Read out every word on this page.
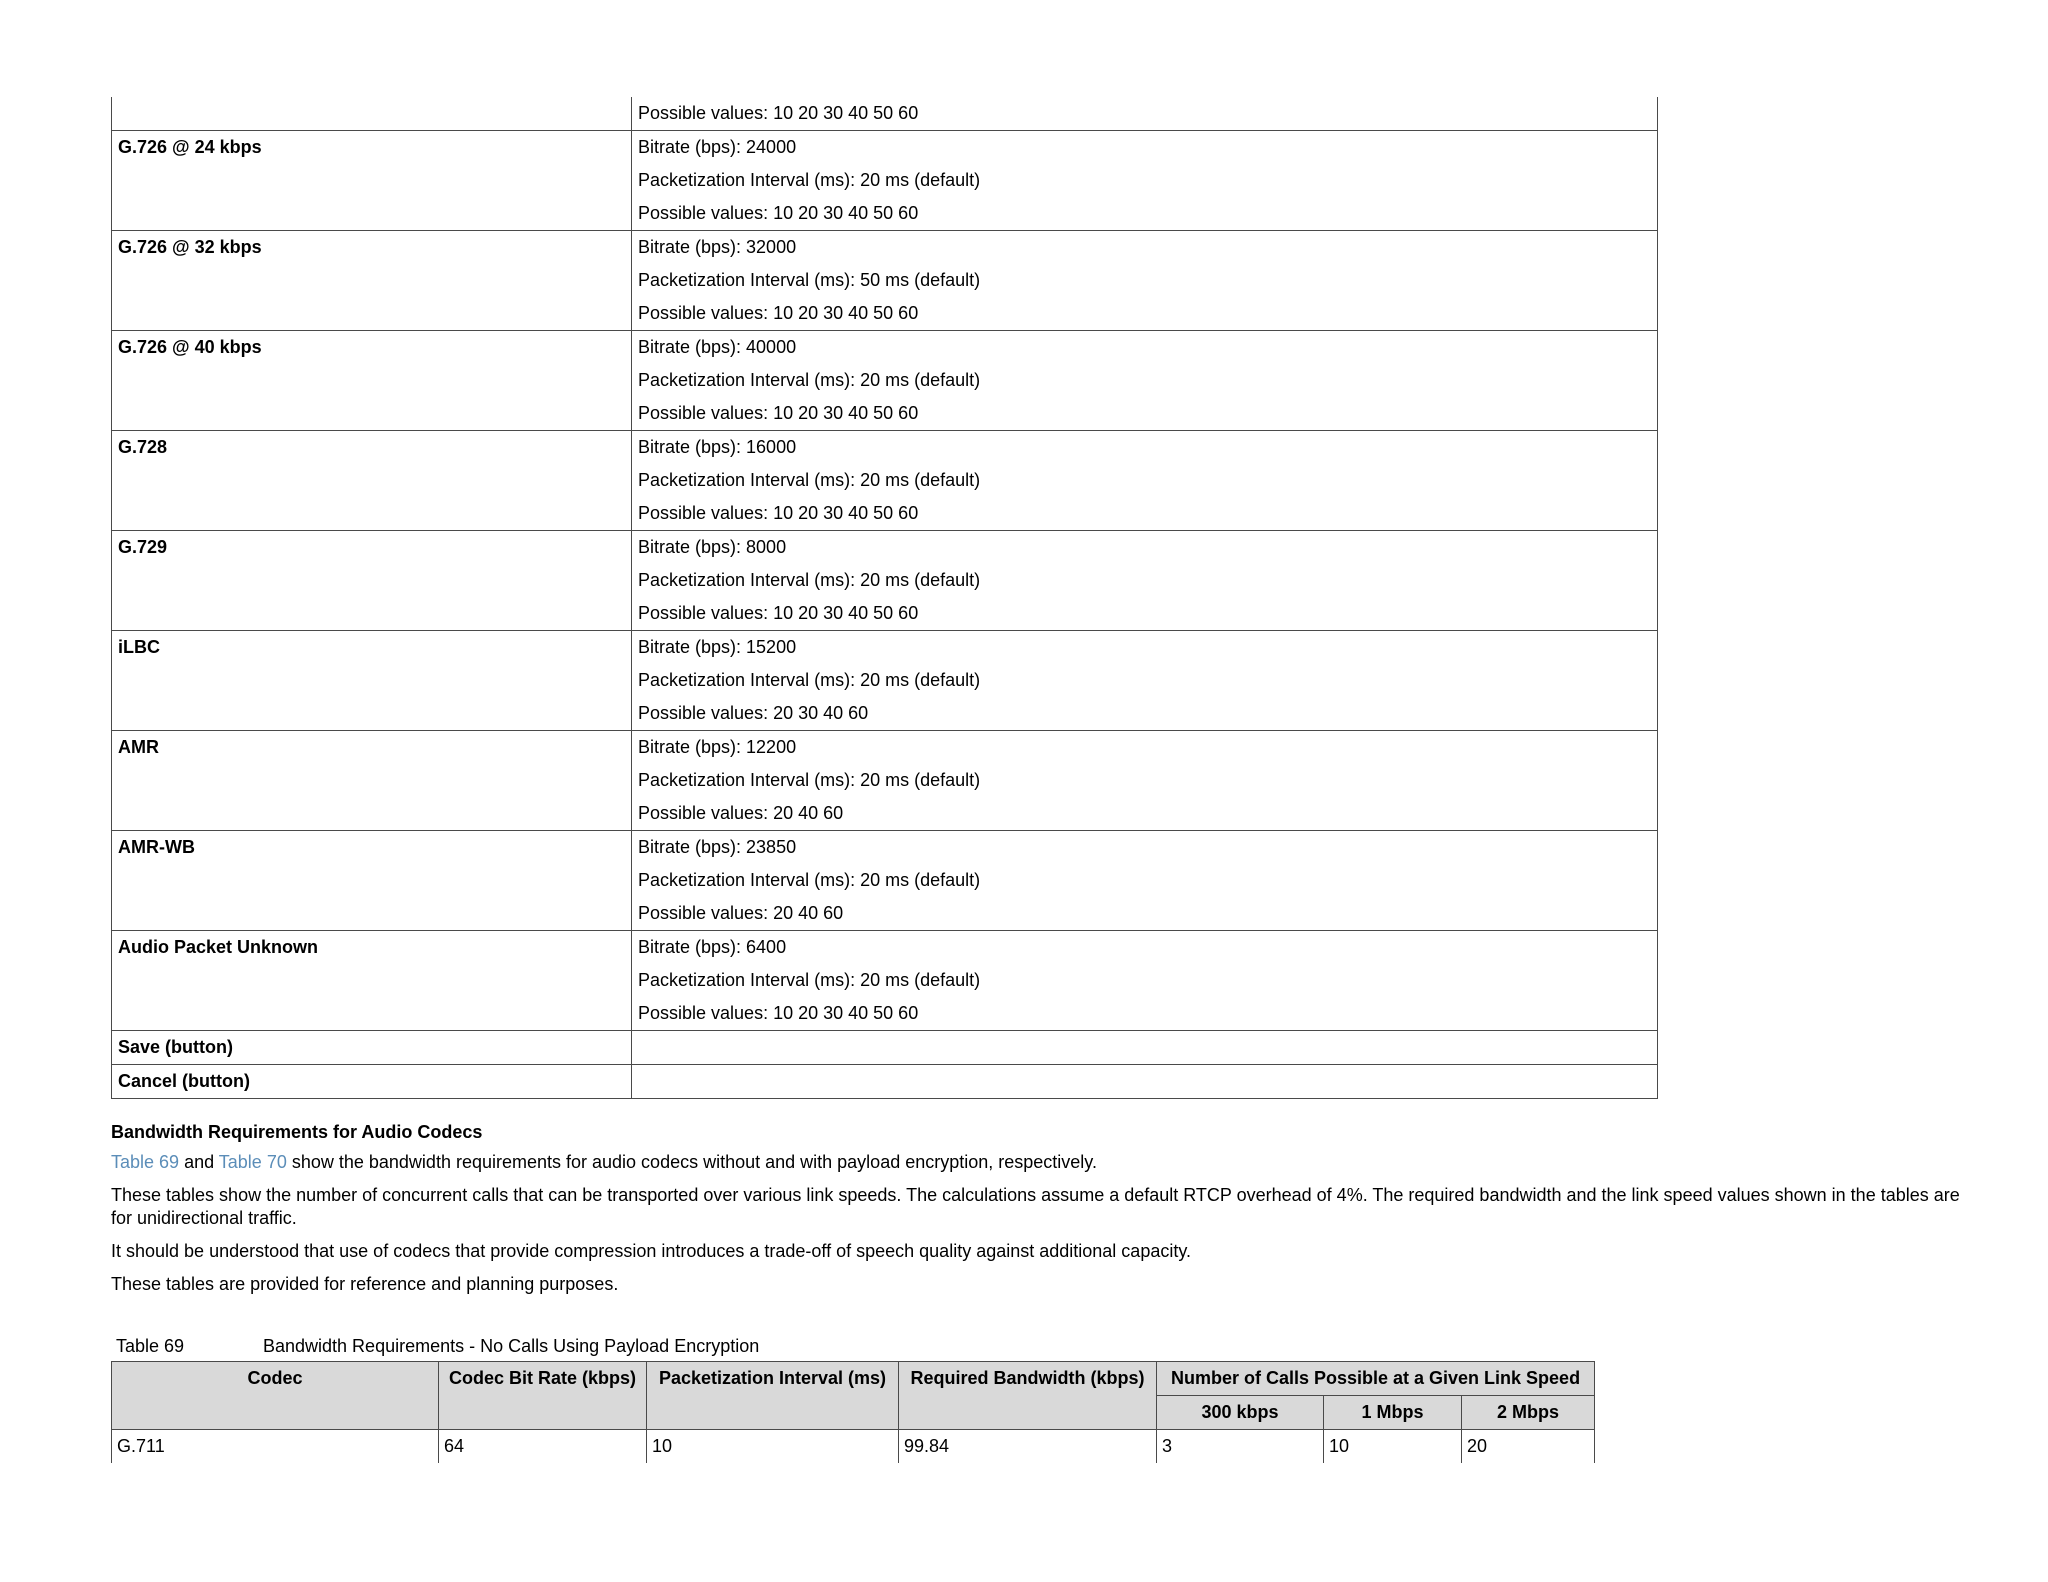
	Possible values: 10 20 30 40 50 60

G.726 @ 24 kbps	Bitrate (bps): 24000
Packetization Interval (ms): 20 ms (default)
Possible values: 10 20 30 40 50 60

G.726 @ 32 kbps	Bitrate (bps): 32000
Packetization Interval (ms): 50 ms (default)
Possible values: 10 20 30 40 50 60

G.726 @ 40 kbps	Bitrate (bps): 40000
Packetization Interval (ms): 20 ms (default)
Possible values: 10 20 30 40 50 60

G.728	Bitrate (bps): 16000
Packetization Interval (ms): 20 ms (default)
Possible values: 10 20 30 40 50 60

G.729	Bitrate (bps): 8000
Packetization Interval (ms): 20 ms (default)
Possible values: 10 20 30 40 50 60

iLBC	Bitrate (bps): 15200
Packetization Interval (ms): 20 ms (default)
Possible values: 20 30 40 60

AMR	Bitrate (bps): 12200
Packetization Interval (ms): 20 ms (default)
Possible values: 20 40 60

AMR-WB	Bitrate (bps): 23850
Packetization Interval (ms): 20 ms (default)
Possible values: 20 40 60

Audio Packet Unknown	Bitrate (bps): 6400
Packetization Interval (ms): 20 ms (default)
Possible values: 10 20 30 40 50 60

Save (button)	
Cancel (button)	
Bandwidth Requirements for Audio Codecs
Table 69 and Table 70 show the bandwidth requirements for audio codecs without and with payload encryption, respectively.
These tables show the number of concurrent calls that can be transported over various link speeds. The calculations assume a default RTCP overhead of 4%. The required bandwidth and the link speed values shown in the tables are for unidirectional traffic.
It should be understood that use of codecs that provide compression introduces a trade-off of speech quality against additional capacity.
These tables are provided for reference and planning purposes.
Table 69	Bandwidth Requirements - No Calls Using Payload Encryption
Codec	Codec Bit Rate (kbps)	Packetization Interval (ms)	Required Bandwidth (kbps)	Number of Calls Possible at a Given Link Speed		
				300 kbps	1 Mbps	2 Mbps
G.711	64	10	99.84	3	10	20
